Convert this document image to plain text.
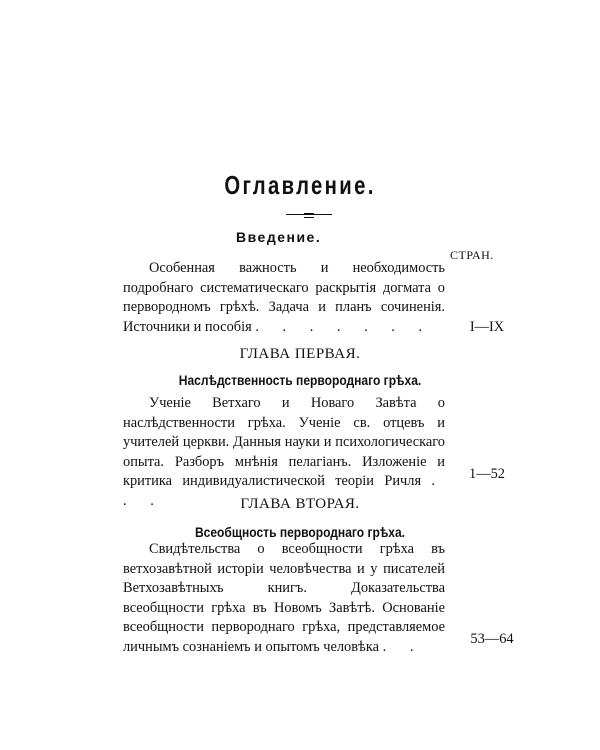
Оглавление.
Введение.
СТРАН.
Особенная важность и необходимость подробнаго систематическаго раскрытія догмата о первородномъ грѣхѣ. Задача и планъ сочиненія. Источники и пособія . . . . . . .	I—IX
ГЛАВА ПЕРВАЯ.
Наслѣдственность первороднаго грѣха.
Ученіе Ветхаго и Новаго Завѣта о наслѣдственности грѣха. Ученіе св. отцевъ и учителей церкви. Данныя науки и психологическаго опыта. Разборъ мнѣнія пелагіанъ. Изложеніе и критика индивидуалистической теоріи Ричля . . .
1—52
ГЛАВА ВТОРАЯ.
Всеобщность первороднаго грѣха.
Свидѣтельства о всеобщности грѣха въ ветхозавѣтной исторіи человѣчества и у писателей Ветхозавѣтныхъ книгъ. Доказательства всеобщности грѣха въ Новомъ Завѣтѣ. Основаніе всеобщности первороднаго грѣха, представляемое личнымъ сознаніемъ и опытомъ человѣка . .	53—64
